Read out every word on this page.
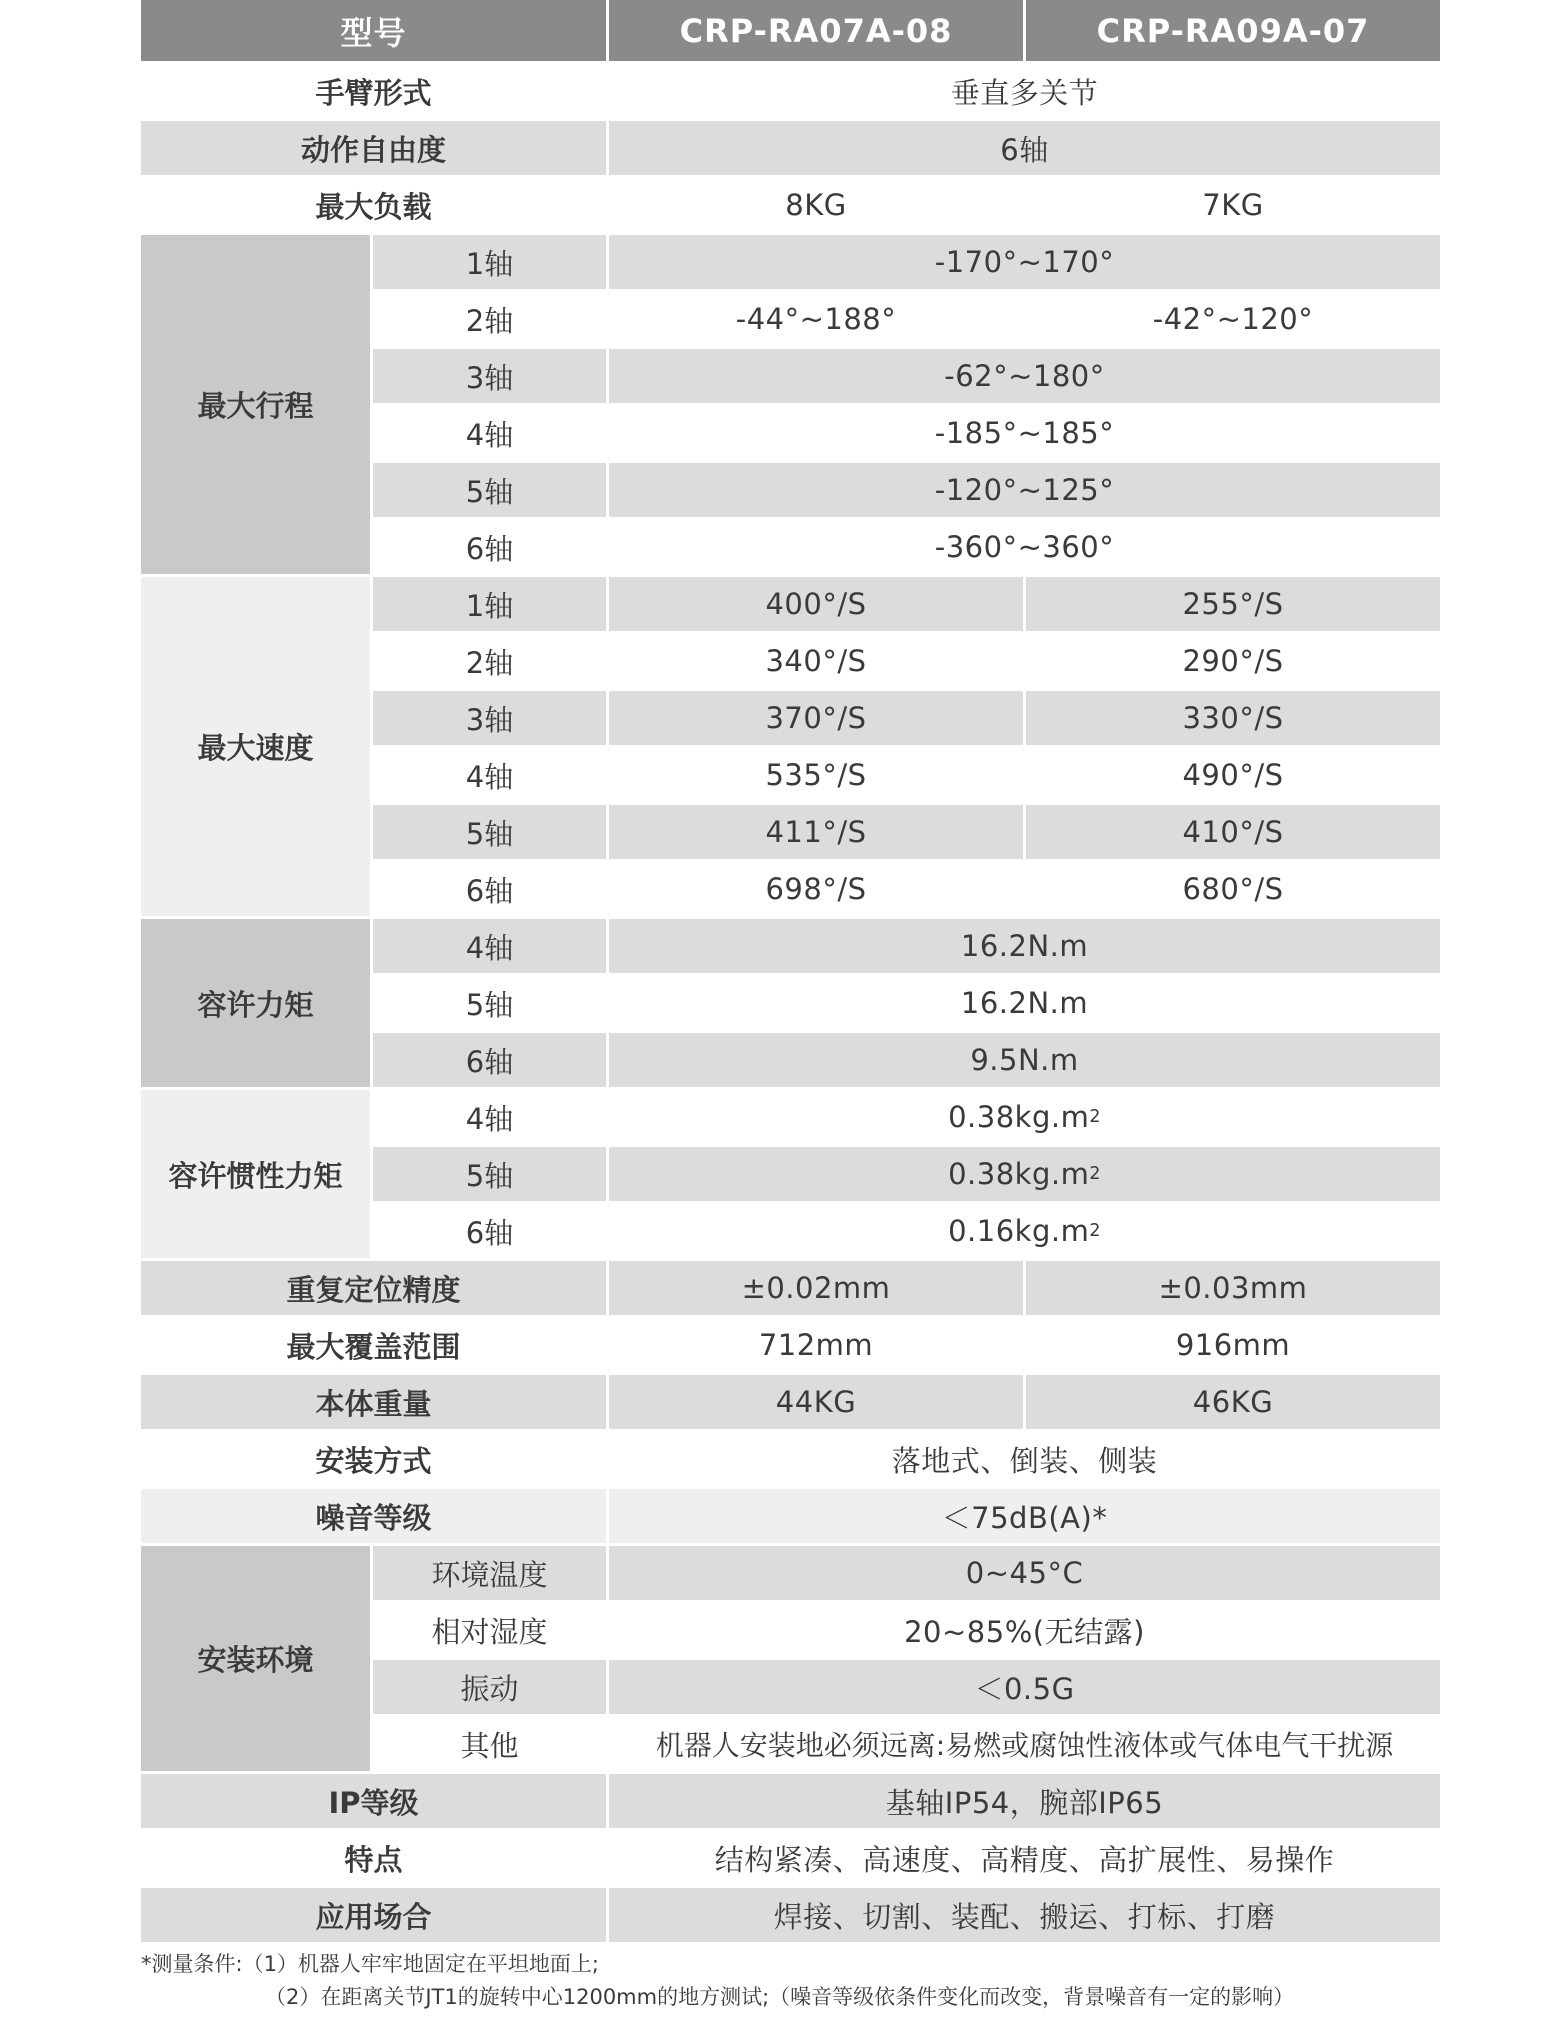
型号	CRP-RA07A-08	CRP-RA09A-07
手臂形式	垂直多关节
动作自由度	6轴
最大负载	8KG	7KG
最大行程
1轴	-170°~170°
2轴	-44°~188°	-42°~120°
3轴	-62°~180°
4轴	-185°~185°
5轴	-120°~125°
6轴	-360°~360°
最大速度
1轴	400°/S	255°/S
2轴	340°/S	290°/S
3轴	370°/S	330°/S
4轴	535°/S	490°/S
5轴	411°/S	410°/S
6轴	698°/S	680°/S
容许力矩
4轴	16.2N.m
5轴	16.2N.m
6轴	9.5N.m
容许惯性力矩
4轴	0.38kg.m 2
5轴	0.38kg.m 2
6轴	0.16kg.m 2
重复定位精度	±0.02mm	±0.03mm
最大覆盖范围	712mm	916mm
本体重量	44KG	46KG
安装方式	落地式、倒装、侧装
噪音等级	＜75dB(A)*
安装环境
环境温度	0~45°C
相对湿度	20~85%(无结露)
振动	＜0.5G
其他	机器人安装地必须远离:易燃或腐蚀性液体或气体电气干扰源
IP等级	基轴IP54，腕部IP65
特点	结构紧凑、高速度、高精度、高扩展性、易操作
应用场合	焊接、切割、装配、搬运、打标、打磨
*测量条件:（1）机器人牢牢地固定在平坦地面上;
（2）在距离关节JT1的旋转中心1200mm的地方测试;（噪音等级依条件变化而改变，背景噪音有一定的影响）
